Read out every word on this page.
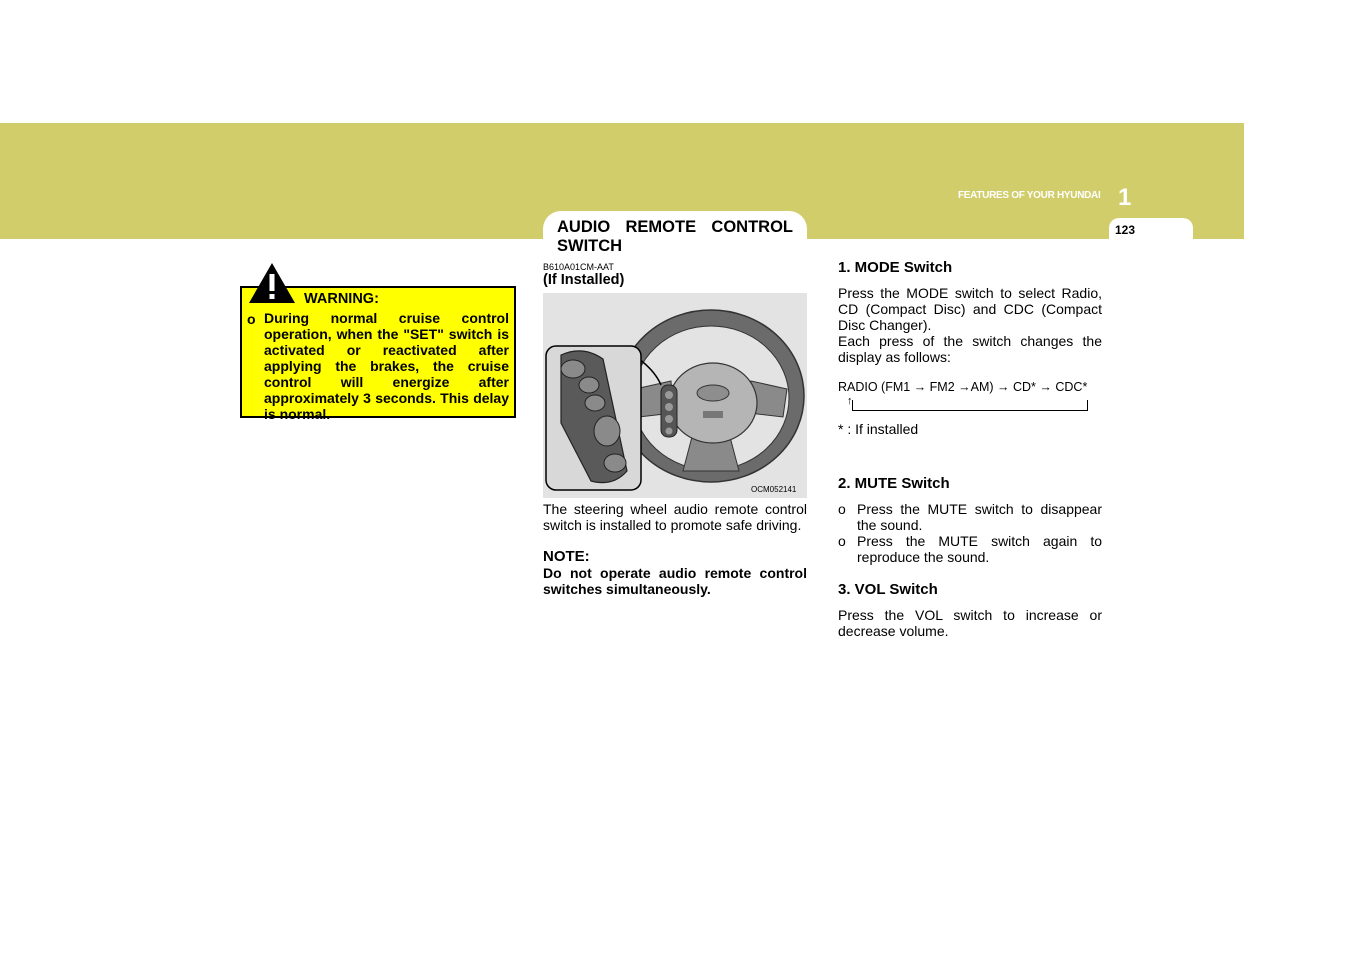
FEATURES OF YOUR HYUNDAI 1
123
AUDIO REMOTE CONTROL SWITCH
WARNING:
o During normal cruise control operation, when the "SET" switch is activated or reactivated after applying the brakes, the cruise control will energize after approximately 3 seconds. This delay is normal.
B610A01CM-AAT
(If Installed)
OCM052141
The steering wheel audio remote control switch is installed to promote safe driving.
NOTE:
Do not operate audio remote control switches simultaneously.
1. MODE Switch
Press the MODE switch to select Radio, CD (Compact Disc) and CDC (Compact Disc Changer).
Each press of the switch changes the display as follows:
RADIO (FM1 → FM2 →AM) → CD* → CDC*
↑
* : If installed
2. MUTE Switch
o Press the MUTE switch to disappear the sound.
o Press the MUTE switch again to reproduce the sound.
3. VOL Switch
Press the VOL switch to increase or decrease volume.
